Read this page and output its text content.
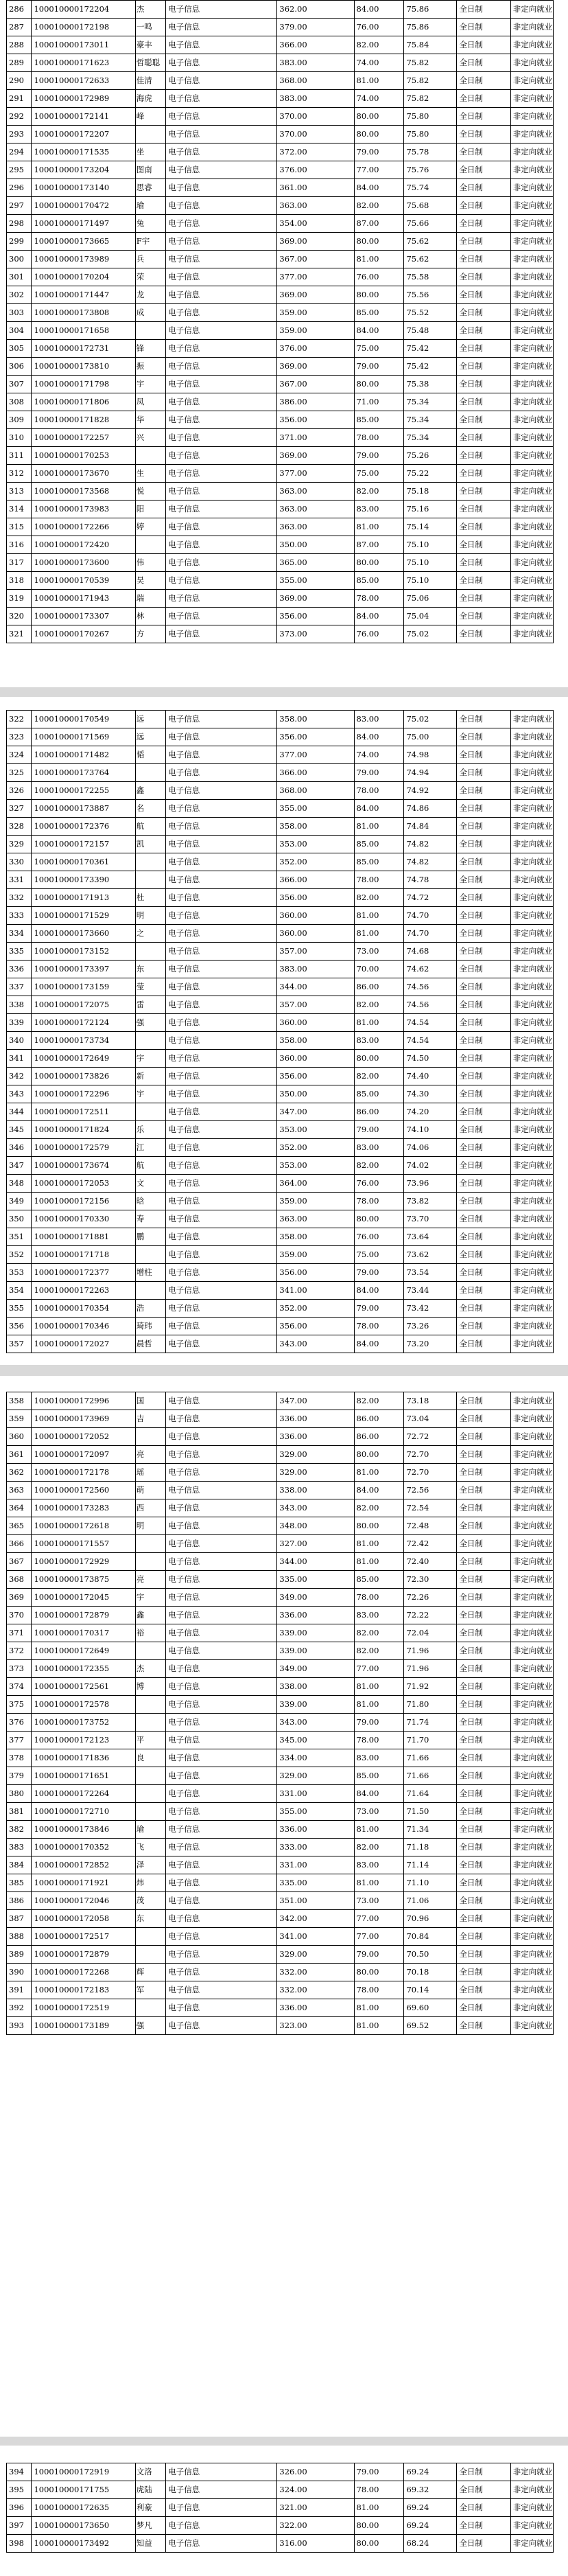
286	100010000172204	杰	电子信息	362.00	84.00	75.86	全日制	非定向就业
287	100010000172198	一鸣	电子信息	379.00	76.00	75.86	全日制	非定向就业
288	100010000173011	豪丰	电子信息	366.00	82.00	75.84	全日制	非定向就业
289	100010000171623	哲聪聪	电子信息	383.00	74.00	75.82	全日制	非定向就业
290	100010000172633	佳清	电子信息	368.00	81.00	75.82	全日制	非定向就业
291	100010000172989	海虎	电子信息	383.00	74.00	75.82	全日制	非定向就业
292	100010000172141	峰	电子信息	370.00	80.00	75.80	全日制	非定向就业
293	100010000172207		电子信息	370.00	80.00	75.80	全日制	非定向就业
294	100010000171535	坐	电子信息	372.00	79.00	75.78	全日制	非定向就业
295	100010000173204	图南	电子信息	376.00	77.00	75.76	全日制	非定向就业
296	100010000173140	思睿	电子信息	361.00	84.00	75.74	全日制	非定向就业
297	100010000170472	瑜	电子信息	363.00	82.00	75.68	全日制	非定向就业
298	100010000171497	兔	电子信息	354.00	87.00	75.66	全日制	非定向就业
299	100010000173665	F宇	电子信息	369.00	80.00	75.62	全日制	非定向就业
300	100010000173989	兵	电子信息	367.00	81.00	75.62	全日制	非定向就业
301	100010000170204	荣	电子信息	377.00	76.00	75.58	全日制	非定向就业
302	100010000171447	龙	电子信息	369.00	80.00	75.56	全日制	非定向就业
303	100010000173808	成	电子信息	359.00	85.00	75.52	全日制	非定向就业
304	100010000171658		电子信息	359.00	84.00	75.48	全日制	非定向就业
305	100010000172731	锋	电子信息	376.00	75.00	75.42	全日制	非定向就业
306	100010000173810	振	电子信息	369.00	79.00	75.42	全日制	非定向就业
307	100010000171798	宇	电子信息	367.00	80.00	75.38	全日制	非定向就业
308	100010000171806	凤	电子信息	386.00	71.00	75.34	全日制	非定向就业
309	100010000171828	华	电子信息	356.00	85.00	75.34	全日制	非定向就业
310	100010000172257	兴	电子信息	371.00	78.00	75.34	全日制	非定向就业
311	100010000170253		电子信息	369.00	79.00	75.26	全日制	非定向就业
312	100010000173670	生	电子信息	377.00	75.00	75.22	全日制	非定向就业
313	100010000173568	悦	电子信息	363.00	82.00	75.18	全日制	非定向就业
314	100010000173983	阳	电子信息	363.00	83.00	75.16	全日制	非定向就业
315	100010000172266	婷	电子信息	363.00	81.00	75.14	全日制	非定向就业
316	100010000172420		电子信息	350.00	87.00	75.10	全日制	非定向就业
317	100010000173600	伟	电子信息	365.00	80.00	75.10	全日制	非定向就业
318	100010000170539	昊	电子信息	355.00	85.00	75.10	全日制	非定向就业
319	100010000171943	瑞	电子信息	369.00	78.00	75.06	全日制	非定向就业
320	100010000173307	林	电子信息	356.00	84.00	75.04	全日制	非定向就业
321	100010000170267	方	电子信息	373.00	76.00	75.02	全日制	非定向就业
322	100010000170549	远	电子信息	358.00	83.00	75.02	全日制	非定向就业
323	100010000171569	远	电子信息	356.00	84.00	75.00	全日制	非定向就业
324	100010000171482	韬	电子信息	377.00	74.00	74.98	全日制	非定向就业
325	100010000173764		电子信息	366.00	79.00	74.94	全日制	非定向就业
326	100010000172255	鑫	电子信息	368.00	78.00	74.92	全日制	非定向就业
327	100010000173887	名	电子信息	355.00	84.00	74.86	全日制	非定向就业
328	100010000172376	航	电子信息	358.00	81.00	74.84	全日制	非定向就业
329	100010000172157	凯	电子信息	353.00	85.00	74.82	全日制	非定向就业
330	100010000170361		电子信息	352.00	85.00	74.82	全日制	非定向就业
331	100010000173390		电子信息	366.00	78.00	74.78	全日制	非定向就业
332	100010000171913	杜	电子信息	356.00	82.00	74.72	全日制	非定向就业
333	100010000171529	明	电子信息	360.00	81.00	74.70	全日制	非定向就业
334	100010000173660	之	电子信息	360.00	81.00	74.70	全日制	非定向就业
335	100010000173152		电子信息	357.00	73.00	74.68	全日制	非定向就业
336	100010000173397	东	电子信息	383.00	70.00	74.62	全日制	非定向就业
337	100010000173159	莹	电子信息	344.00	86.00	74.56	全日制	非定向就业
338	100010000172075	雷	电子信息	357.00	82.00	74.56	全日制	非定向就业
339	100010000172124	强	电子信息	360.00	81.00	74.54	全日制	非定向就业
340	100010000173734		电子信息	358.00	83.00	74.54	全日制	非定向就业
341	100010000172649	宇	电子信息	360.00	80.00	74.50	全日制	非定向就业
342	100010000173826	新	电子信息	356.00	82.00	74.40	全日制	非定向就业
343	100010000172296	宇	电子信息	350.00	85.00	74.30	全日制	非定向就业
344	100010000172511		电子信息	347.00	86.00	74.20	全日制	非定向就业
345	100010000171824	乐	电子信息	353.00	79.00	74.10	全日制	非定向就业
346	100010000172579	江	电子信息	352.00	83.00	74.06	全日制	非定向就业
347	100010000173674	航	电子信息	353.00	82.00	74.02	全日制	非定向就业
348	100010000172053	文	电子信息	364.00	76.00	73.96	全日制	非定向就业
349	100010000172156	晗	电子信息	359.00	78.00	73.82	全日制	非定向就业
350	100010000170330	寿	电子信息	363.00	80.00	73.70	全日制	非定向就业
351	100010000171881	鹏	电子信息	358.00	76.00	73.64	全日制	非定向就业
352	100010000171718		电子信息	359.00	75.00	73.62	全日制	非定向就业
353	100010000172377	增柱	电子信息	356.00	79.00	73.54	全日制	非定向就业
354	100010000172263		电子信息	341.00	84.00	73.44	全日制	非定向就业
355	100010000170354	浩	电子信息	352.00	79.00	73.42	全日制	非定向就业
356	100010000170346	琦玮	电子信息	356.00	78.00	73.26	全日制	非定向就业
357	100010000172027	晨哲	电子信息	343.00	84.00	73.20	全日制	非定向就业
358	100010000172996	国	电子信息	347.00	82.00	73.18	全日制	非定向就业
359	100010000173969	吉	电子信息	336.00	86.00	73.04	全日制	非定向就业
360	100010000172052		电子信息	336.00	86.00	72.72	全日制	非定向就业
361	100010000172097	亮	电子信息	329.00	80.00	72.70	全日制	非定向就业
362	100010000172178	瑶	电子信息	329.00	81.00	72.70	全日制	非定向就业
363	100010000172560	萌	电子信息	338.00	84.00	72.56	全日制	非定向就业
364	100010000173283	西	电子信息	343.00	82.00	72.54	全日制	非定向就业
365	100010000172618	明	电子信息	348.00	80.00	72.48	全日制	非定向就业
366	100010000171557		电子信息	327.00	81.00	72.42	全日制	非定向就业
367	100010000172929		电子信息	344.00	81.00	72.40	全日制	非定向就业
368	100010000173875	亮	电子信息	335.00	85.00	72.30	全日制	非定向就业
369	100010000172045	宇	电子信息	349.00	78.00	72.26	全日制	非定向就业
370	100010000172879	鑫	电子信息	336.00	83.00	72.22	全日制	非定向就业
371	100010000170317	裕	电子信息	339.00	82.00	72.04	全日制	非定向就业
372	100010000172649		电子信息	339.00	82.00	71.96	全日制	非定向就业
373	100010000172355	杰	电子信息	349.00	77.00	71.96	全日制	非定向就业
374	100010000172561	博	电子信息	338.00	81.00	71.92	全日制	非定向就业
375	100010000172578		电子信息	339.00	81.00	71.80	全日制	非定向就业
376	100010000173752		电子信息	343.00	79.00	71.74	全日制	非定向就业
377	100010000172123	平	电子信息	345.00	78.00	71.70	全日制	非定向就业
378	100010000171836	良	电子信息	334.00	83.00	71.66	全日制	非定向就业
379	100010000171651		电子信息	329.00	85.00	71.66	全日制	非定向就业
380	100010000172264		电子信息	331.00	84.00	71.64	全日制	非定向就业
381	100010000172710		电子信息	355.00	73.00	71.50	全日制	非定向就业
382	100010000173846	瑜	电子信息	336.00	81.00	71.34	全日制	非定向就业
383	100010000170352	飞	电子信息	333.00	82.00	71.18	全日制	非定向就业
384	100010000172852	泽	电子信息	331.00	83.00	71.14	全日制	非定向就业
385	100010000171921	炜	电子信息	335.00	81.00	71.10	全日制	非定向就业
386	100010000172046	茂	电子信息	351.00	73.00	71.06	全日制	非定向就业
387	100010000172058	东	电子信息	342.00	77.00	70.96	全日制	非定向就业
388	100010000172517		电子信息	341.00	77.00	70.84	全日制	非定向就业
389	100010000172879		电子信息	329.00	79.00	70.50	全日制	非定向就业
390	100010000172268	辉	电子信息	332.00	80.00	70.18	全日制	非定向就业
391	100010000172183	军	电子信息	332.00	78.00	70.14	全日制	非定向就业
392	100010000172519		电子信息	336.00	81.00	69.60	全日制	非定向就业
393	100010000173189	强	电子信息	323.00	81.00	69.52	全日制	非定向就业
394	100010000172919	文洛	电子信息	326.00	79.00	69.24	全日制	非定向就业
395	100010000171755	虎陆	电子信息	324.00	78.00	69.32	全日制	非定向就业
396	100010000172635	利豪	电子信息	321.00	81.00	69.24	全日制	非定向就业
397	100010000173650	梦凡	电子信息	322.00	80.00	69.24	全日制	非定向就业
398	100010000173492	知益	电子信息	316.00	80.00	68.24	全日制	非定向就业
